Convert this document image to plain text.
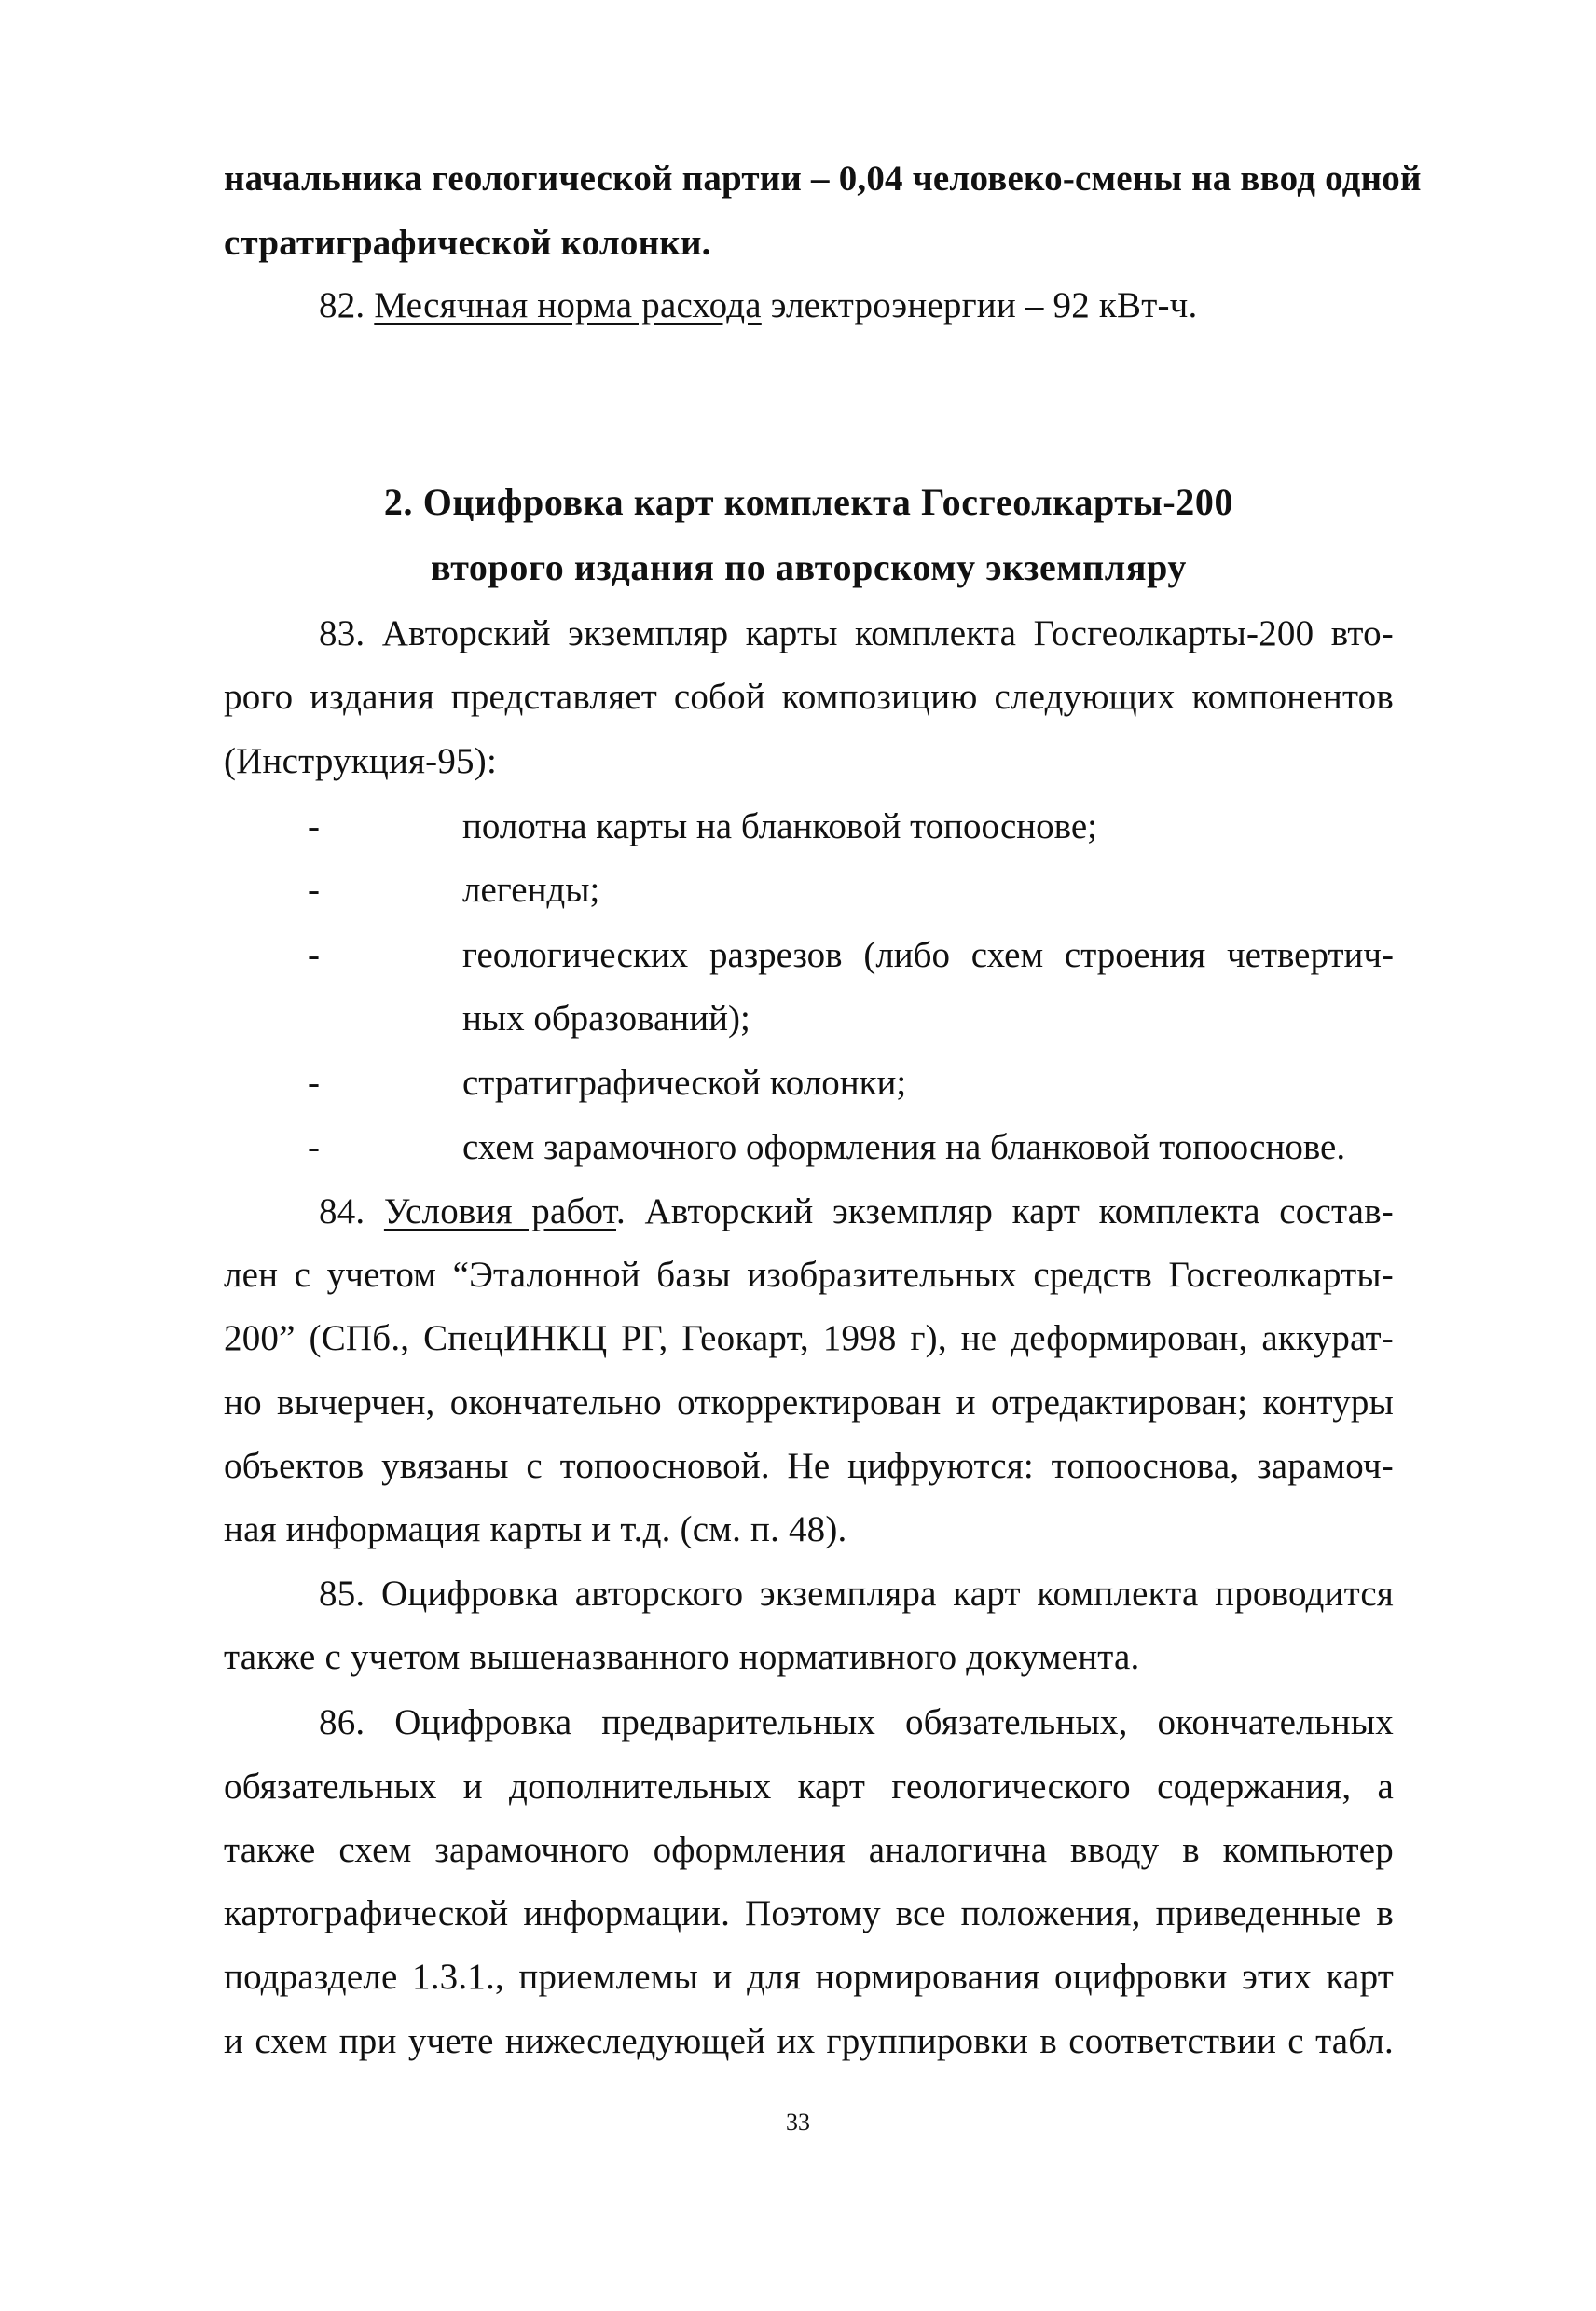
начальника геологической партии – 0,04 человеко-смены на ввод одной
стратиграфической колонки.
82. Месячная норма расхода электроэнергии – 92 кВт-ч.
2. Оцифровка карт комплекта Госгеолкарты-200
второго издания по авторскому экземпляру
83. Авторский экземпляр карты комплекта Госгеолкарты-200 вто-
рого издания представляет собой композицию следующих компонентов
(Инструкция-95):
-	полотна карты на бланковой топооснове;
-	легенды;
-	геологических разрезов (либо схем строения четвертич-
ных образований);
-	стратиграфической колонки;
-	схем зарамочного оформления на бланковой топооснове.
84. Условия работ. Авторский экземпляр карт комплекта состав-
лен с учетом “Эталонной базы изобразительных средств Госгеолкарты-
200” (СПб., СпецИНКЦ РГ, Геокарт, 1998 г), не деформирован, аккурат-
но вычерчен, окончательно откорректирован и отредактирован; контуры
объектов увязаны с топоосновой. Не цифруются: топооснова, зарамоч-
ная информация карты и т.д. (см. п. 48).
85. Оцифровка авторского экземпляра карт комплекта проводится
также с учетом вышеназванного нормативного документа.
86. Оцифровка предварительных обязательных, окончательных
обязательных и дополнительных карт геологического содержания, а
также схем зарамочного оформления аналогична вводу в компьютер
картографической информации. Поэтому все положения, приведенные в
подразделе 1.3.1., приемлемы и для нормирования оцифровки этих карт
и схем при учете нижеследующей их группировки в соответствии с табл.
33
